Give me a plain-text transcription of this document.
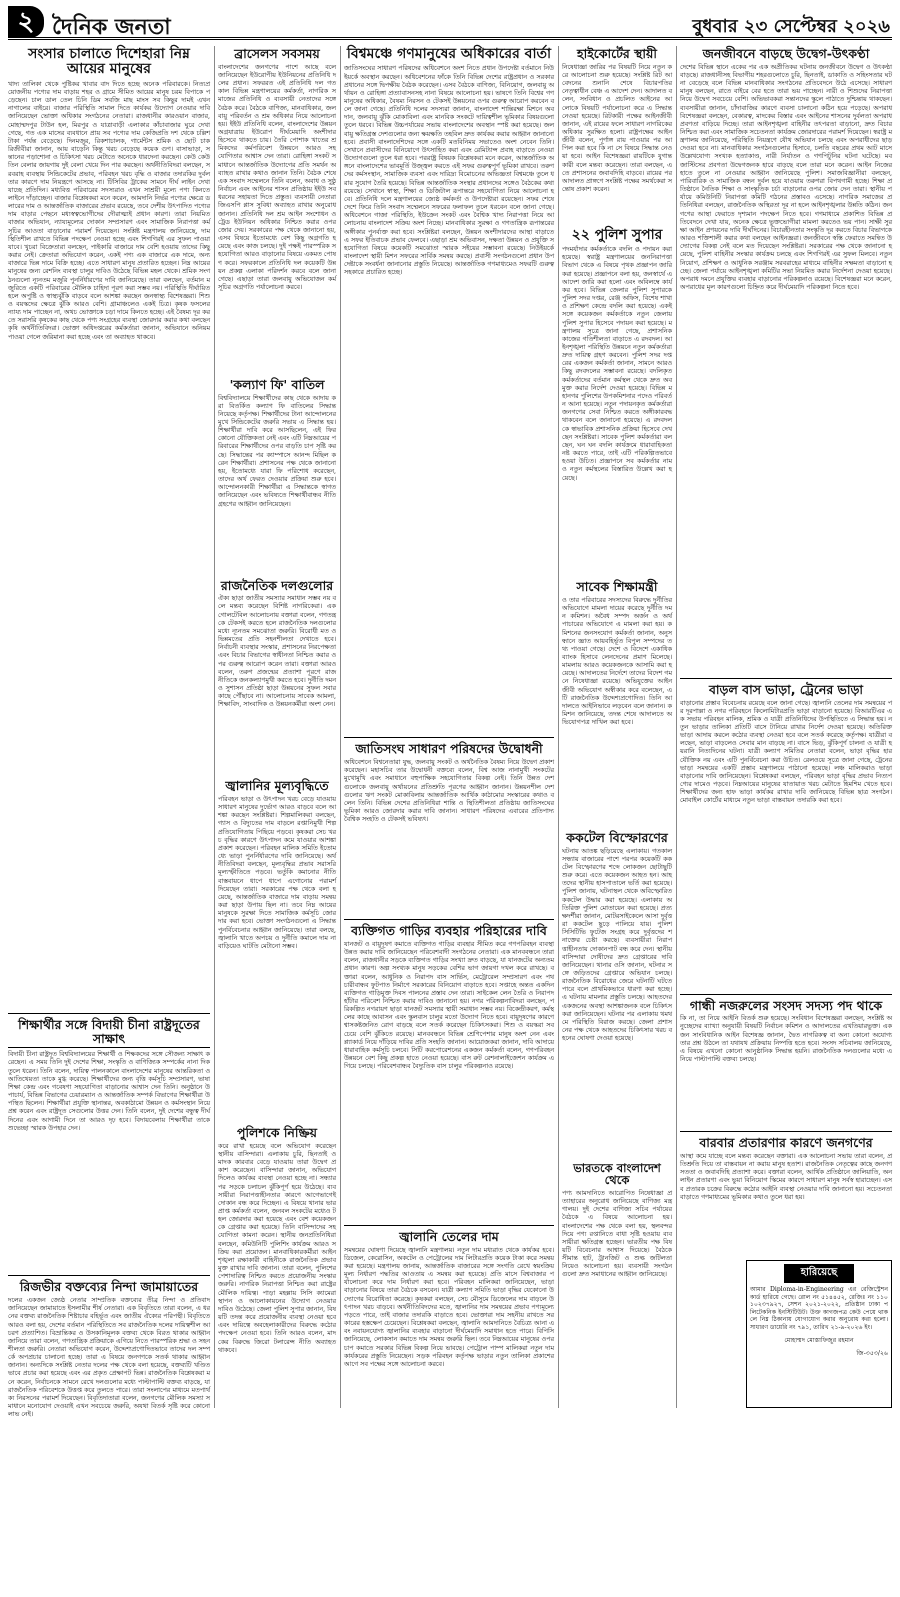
২ দৈনিক জনতা	বুধবার ২৩ সেপ্টেম্বর ২০২৬
সংসার চালাতে দিশেহারা নিম্ন আয়ের মানুষের
খাদ্য তালিকা থেকে পুষ্টিকর খাবার বাদ দিতে হচ্ছে অনেক পরিবারকে। নিত্যপ্রয়োজনীয় পণ্যের দাম বাড়ায় শহর ও গ্রামে সীমিত আয়ের মানুষ চরম বিপাকে পড়েছেন। চাল ডাল তেল চিনি ডিম সবজি মাছ মাংস সব কিছুর দামই এখন নাগালের বাইরে। বাজার পরিস্থিতি সামাল দিতে কার্যকর উদ্যোগ নেওয়ার দাবি জানিয়েছেন ভোক্তা অধিকার সংগঠনের নেতারা। রাজধানীর কারওয়ান বাজার, মোহাম্মদপুর টাউন হল, মিরপুর ও যাত্রাবাড়ী এলাকার কাঁচাবাজার ঘুরে দেখা গেছে, গত এক মাসের ব্যবধানে প্রায় সব পণ্যের দাম কেজিপ্রতি দশ থেকে চল্লিশ টাকা পর্যন্ত বেড়েছে। দিনমজুর, রিকশাচালক, গার্মেন্টস শ্রমিক ও ছোট চাকরিজীবীরা জানান, আয় বাড়েনি কিন্তু খরচ বেড়েছে কয়েক গুণ। বাসাভাড়া, সন্তানের পড়াশোনা ও চিকিৎসা খরচ মেটাতে অনেকে ধারদেনা করছেন। কেউ কেউ তিন বেলার জায়গায় দুই বেলা খেয়ে দিন পার করছেন। অর্থনীতিবিদরা বলছেন, সরবরাহ ব্যবস্থায় সিন্ডিকেটের প্রভাব, পরিবহন খরচ বৃদ্ধি ও বাজার তদারকির দুর্বলতার কারণে দাম নিয়ন্ত্রণে আসছে না। টিসিবির ট্রাকের সামনে দীর্ঘ লাইন দেখা যাচ্ছে প্রতিদিন। মধ্যবিত্ত পরিবারের সদস্যরাও এখন সাশ্রয়ী মূল্যে পণ্য কিনতে লাইনে দাঁড়াচ্ছেন। বাজার বিশ্লেষকরা মনে করেন, আমদানি নির্ভর পণ্যের ক্ষেত্রে ডলারের দাম ও আন্তর্জাতিক বাজারের প্রভাব রয়েছে, তবে দেশীয় উৎপাদিত পণ্যের দাম বাড়ার পেছনে মধ্যস্বত্বভোগীদের দৌরাত্ম্যই প্রধান কারণ। তারা নিয়মিত বাজার অভিযান, ন্যায্যমূল্যের দোকান সম্প্রসারণ এবং সামাজিক নিরাপত্তা কর্মসূচির আওতা বাড়ানোর পরামর্শ দিয়েছেন। সংশ্লিষ্ট মন্ত্রণালয় জানিয়েছে, দাম স্থিতিশীল রাখতে বিভিন্ন পদক্ষেপ নেওয়া হচ্ছে এবং শিগগিরই এর সুফল পাওয়া যাবে। খুচরা বিক্রেতারা বলছেন, পাইকারি বাজারে দাম বেশি হওয়ায় তাদের কিছু করার নেই। ক্রেতারা অভিযোগ করেন, একই পণ্য এক বাজারে এক দামে, অন্য বাজারে ভিন্ন দামে বিক্রি হচ্ছে। এতে সাধারণ মানুষ প্রতারিত হচ্ছেন। নিম্ন আয়ের মানুষের জন্য রেশনিং ব্যবস্থা চালুর দাবিও উঠেছে বিভিন্ন মহল থেকে। শ্রমিক সংগঠনগুলো ন্যূনতম মজুরি পুনর্নির্ধারণের দাবি জানিয়েছে। তারা বলছেন, বর্তমান মজুরিতে একটি পরিবারের মৌলিক চাহিদা পূরণ করা সম্ভব নয়। পরিস্থিতি দীর্ঘায়িত হলে অপুষ্টি ও স্বাস্থ্যঝুঁকি বাড়বে বলে আশঙ্কা করছেন জনস্বাস্থ্য বিশেষজ্ঞরা। শিশু ও বয়স্কদের ক্ষেত্রে ঝুঁকি আরও বেশি। গ্রামাঞ্চলেও একই চিত্র। কৃষক ফসলের ন্যায্য দাম পাচ্ছেন না, অথচ ভোক্তাকে চড়া দামে কিনতে হচ্ছে। এই বৈষম্য দূর করতে সরাসরি কৃষকের কাছ থেকে পণ্য সংগ্রহের ব্যবস্থা জোরদার করার কথা বলছেন কৃষি অর্থনীতিবিদরা। ভোক্তা অধিদপ্তরের কর্মকর্তারা জানান, অভিযানে অনিয়ম পাওয়া গেলে জরিমানা করা হচ্ছে এবং তা অব্যাহত থাকবে।
শিক্ষার্থীর সঙ্গে বিদায়ী চীনা রাষ্ট্রদূতের সাক্ষাৎ
বিদায়ী চীনা রাষ্ট্রদূত বিশ্ববিদ্যালয়ের শিক্ষার্থী ও শিক্ষকদের সঙ্গে সৌজন্য সাক্ষাৎ করেছেন। এ সময় তিনি দুই দেশের শিক্ষা, সংস্কৃতি ও বাণিজ্যিক সম্পর্কের নানা দিক তুলে ধরেন। তিনি বলেন, দায়িত্ব পালনকালে বাংলাদেশের মানুষের আন্তরিকতা ও আতিথেয়তা তাকে মুগ্ধ করেছে। শিক্ষার্থীদের জন্য বৃত্তি কর্মসূচি সম্প্রসারণ, ভাষা শিক্ষা কেন্দ্র এবং গবেষণা সহযোগিতা বাড়ানোর আশ্বাস দেন তিনি। অনুষ্ঠানে উপাচার্য, বিভিন্ন বিভাগের চেয়ারম্যান ও আন্তর্জাতিক সম্পর্ক বিভাগের শিক্ষার্থীরা উপস্থিত ছিলেন। শিক্ষার্থীরা প্রযুক্তি স্থানান্তর, অবকাঠামো উন্নয়ন ও কর্মসংস্থান নিয়ে প্রশ্ন করেন এবং রাষ্ট্রদূত সেগুলোর উত্তর দেন। তিনি বলেন, দুই দেশের বন্ধুত্ব দীর্ঘদিনের এবং আগামী দিনে তা আরও দৃঢ় হবে। বিদায়বেলায় শিক্ষার্থীরা তাকে শুভেচ্ছা স্মারক উপহার দেন।
রিজভীর বক্তব্যের নিন্দা জামায়াতের
দলের একজন জ্যেষ্ঠ নেতার সাম্প্রতিক বক্তব্যের তীব্র নিন্দা ও প্রতিবাদ জানিয়েছেন জামায়াতে ইসলামীর শীর্ষ নেতারা। এক বিবৃতিতে তারা বলেন, এ ধরনের বক্তব্য রাজনৈতিক শিষ্টাচার বহির্ভূত এবং জাতীয় ঐক্যের পরিপন্থী। বিবৃতিতে আরও বলা হয়, দেশের বর্তমান পরিস্থিতিতে সব রাজনৈতিক দলের দায়িত্বশীল আচরণ প্রত্যাশিত। বিভ্রান্তিকর ও উসকানিমূলক বক্তব্য থেকে বিরত থাকার আহ্বান জানিয়ে তারা বলেন, গণতান্ত্রিক প্রক্রিয়াকে এগিয়ে নিতে পারস্পরিক শ্রদ্ধা ও সহনশীলতা জরুরি। নেতারা অভিযোগ করেন, উদ্দেশ্যপ্রণোদিতভাবে তাদের দল সম্পর্কে অপপ্রচার চালানো হচ্ছে। তারা এ বিষয়ে জনগণকে সতর্ক থাকার আহ্বান জানান। অন্যদিকে সংশ্লিষ্ট নেতার দলের পক্ষ থেকে বলা হয়েছে, বক্তব্যটি খণ্ডিতভাবে প্রচার করা হয়েছে এবং এর প্রকৃত প্রেক্ষাপট ভিন্ন। রাজনৈতিক বিশ্লেষকরা মনে করেন, নির্বাচনকে সামনে রেখে দলগুলোর মধ্যে পাল্টাপাল্টি বক্তব্য বাড়ছে, যা রাজনৈতিক পরিবেশকে উত্তপ্ত করে তুলতে পারে। তারা সংলাপের মাধ্যমে মতপার্থক্য নিরসনের পরামর্শ দিয়েছেন। বিবৃতিদাতারা বলেন, জনগণের মৌলিক সমস্যা সমাধানে মনোযোগ দেওয়াই এখন সবচেয়ে জরুরি, অযথা বিতর্ক সৃষ্টি করে কোনো লাভ নেই।
ব্রাসেলস সবসময়
বাংলাদেশের জনগণের পাশে আছে বলে জানিয়েছেন ইউরোপীয় ইউনিয়নের প্রতিনিধি দলের প্রধান। সফররত এই প্রতিনিধি দল গতকাল বিভিন্ন মন্ত্রণালয়ের কর্মকর্তা, নাগরিক সমাজের প্রতিনিধি ও ব্যবসায়ী নেতাদের সঙ্গে বৈঠক করে। বৈঠকে বাণিজ্য, মানবাধিকার, জলবায়ু পরিবর্তন ও শ্রম অধিকার নিয়ে আলোচনা হয়। ইইউ প্রতিনিধি বলেন, বাংলাদেশের উন্নয়ন অগ্রযাত্রায় ইউরোপ দীর্ঘমেয়াদি অংশীদার হিসেবে থাকতে চায়। তৈরি পোশাক খাতের শ্রমিকদের কর্মপরিবেশ উন্নয়নে আরও সহযোগিতার আশ্বাস দেন তারা। রোহিঙ্গা সংকট সমাধানে আন্তর্জাতিক উদ্যোগের প্রতি সমর্থন অব্যাহত রাখার কথাও জানান তিনি। বৈঠক শেষে এক সংবাদ সম্মেলনে তিনি বলেন, অবাধ ও সুষ্ঠু নির্বাচন এবং আইনের শাসন প্রতিষ্ঠায় ইইউ সব ধরনের সহায়তা দিতে প্রস্তুত। ব্যবসায়ী নেতারা জিএসপি প্লাস সুবিধা অব্যাহত রাখার অনুরোধ জানান। প্রতিনিধি দল শ্রম আইন সংশোধন ও ট্রেড ইউনিয়ন অধিকার নিশ্চিত করার ওপর জোর দেয়। সরকারের পক্ষ থেকে জানানো হয়, এসব বিষয়ে ইতোমধ্যে বেশ কিছু অগ্রগতি হয়েছে এবং কাজ চলছে। দুই পক্ষই পারস্পরিক সহযোগিতা আরও বাড়ানোর বিষয়ে একমত পোষণ করে। সফরকালে প্রতিনিধি দল কয়েকটি উন্নয়ন প্রকল্প এলাকা পরিদর্শন করবে বলে জানা গেছে। এছাড়া তারা জলবায়ু অভিযোজন কর্মসূচির অগ্রগতি পর্যালোচনা করবে।
'কল্যাণ ফি' বাতিল
বিশ্ববিদ্যালয়ে শিক্ষার্থীদের কাছ থেকে আদায় করা বিতর্কিত কল্যাণ ফি বাতিলের সিদ্ধান্ত নিয়েছে কর্তৃপক্ষ। শিক্ষার্থীদের টানা আন্দোলনের মুখে সিন্ডিকেটের জরুরি সভায় এ সিদ্ধান্ত হয়। শিক্ষার্থীরা দাবি করে আসছিলেন, এই ফির কোনো যৌক্তিকতা নেই এবং এটি নিম্নআয়ের পরিবারের শিক্ষার্থীদের ওপর বাড়তি চাপ সৃষ্টি করছে। সিদ্ধান্তের পর ক্যাম্পাসে আনন্দ মিছিল করেন শিক্ষার্থীরা। প্রশাসনের পক্ষ থেকে জানানো হয়, ইতোমধ্যে যারা ফি পরিশোধ করেছেন, তাদের অর্থ ফেরত দেওয়ার প্রক্রিয়া শুরু হবে। আন্দোলনকারী শিক্ষার্থীরা এ সিদ্ধান্তকে স্বাগত জানিয়েছেন এবং ভবিষ্যতে শিক্ষার্থীবান্ধব নীতি গ্রহণের আহ্বান জানিয়েছেন।
রাজনৈতিক দলগুলোর
ঐক্য ছাড়া জাতীয় সমস্যার সমাধান সম্ভব নয় বলে মন্তব্য করেছেন বিশিষ্ট নাগরিকেরা। এক গোলটেবিল আলোচনায় বক্তারা বলেন, গণতন্ত্রকে টেকসই করতে হলে রাজনৈতিক দলগুলোর মধ্যে ন্যূনতম সমঝোতা জরুরি। বিরোধী মত ও ভিন্নমতের প্রতি সহনশীলতা দেখাতে হবে। নির্বাচনী ব্যবস্থার সংস্কার, প্রশাসনের নিরপেক্ষতা এবং বিচার বিভাগের স্বাধীনতা নিশ্চিত করার ওপর গুরুত্ব আরোপ করেন তারা। বক্তারা আরও বলেন, তরুণ প্রজন্মের প্রত্যাশা পূরণে রাজনীতিকে জনকল্যাণমুখী করতে হবে। দুর্নীতি দমন ও সুশাসন প্রতিষ্ঠা ছাড়া উন্নয়নের সুফল সবার কাছে পৌঁছাবে না। আলোচনায় সাবেক আমলা, শিক্ষাবিদ, সাংবাদিক ও উন্নয়নকর্মীরা অংশ নেন।
জ্বালানির মূল্যবৃদ্ধিতে
পরিবহন ভাড়া ও উৎপাদন খরচ বেড়ে যাওয়ায় সাধারণ মানুষের দুর্ভোগ আরও বাড়বে বলে আশঙ্কা করছেন সংশ্লিষ্টরা। শিল্পমালিকরা বলছেন, গ্যাস ও বিদ্যুতের দাম বাড়লে রপ্তানিমুখী শিল্প প্রতিযোগিতায় পিছিয়ে পড়বে। কৃষকরা সেচ খরচ বৃদ্ধির কারণে উৎপাদন কমে যাওয়ার আশঙ্কা প্রকাশ করেছেন। পরিবহন মালিক সমিতি ইতোমধ্যে ভাড়া পুনর্নির্ধারণের দাবি জানিয়েছে। অর্থনীতিবিদরা বলছেন, মূল্যবৃদ্ধির প্রভাব সরাসরি মূল্যস্ফীতিতে পড়বে। ভর্তুকি কমানোর নীতি বাস্তবায়নে ধাপে ধাপে এগোনোর পরামর্শ দিয়েছেন তারা। সরকারের পক্ষ থেকে বলা হয়েছে, আন্তর্জাতিক বাজারে দাম বাড়ায় সমন্বয় করা ছাড়া উপায় ছিল না। তবে নিম্ন আয়ের মানুষকে সুরক্ষা দিতে সামাজিক কর্মসূচি জোরদার করা হবে। ভোক্তা সংগঠনগুলো এ সিদ্ধান্ত পুনর্বিবেচনার আহ্বান জানিয়েছে। তারা বলছে, জ্বালানি খাতে অপচয় ও দুর্নীতি কমালে দাম না বাড়িয়েও ঘাটতি মেটানো সম্ভব।
পুলিশকে নিষ্ক্রিয়
করে রাখা হয়েছে বলে অভিযোগ করেছেন স্থানীয় বাসিন্দারা। এলাকায় চুরি, ছিনতাই ও মাদক কারবার বেড়ে যাওয়ায় তারা উদ্বেগ প্রকাশ করেছেন। বাসিন্দারা জানান, অভিযোগ দিলেও কার্যকর ব্যবস্থা নেওয়া হচ্ছে না। সন্ধ্যার পর সড়কে চলাচল ঝুঁকিপূর্ণ হয়ে উঠেছে। ব্যবসায়ীরা নিরাপত্তাহীনতার কারণে আগেভাগেই দোকান বন্ধ করে দিচ্ছেন। এ বিষয়ে থানার ভারপ্রাপ্ত কর্মকর্তা বলেন, জনবল সংকটের মধ্যেও টহল জোরদার করা হয়েছে এবং বেশ কয়েকজনকে গ্রেপ্তার করা হয়েছে। তিনি বাসিন্দাদের সহযোগিতা কামনা করেন। স্থানীয় জনপ্রতিনিধিরা বলছেন, কমিউনিটি পুলিশিং কার্যক্রম আরও সক্রিয় করা প্রয়োজন। মানবাধিকারকর্মীরা আইনশৃঙ্খলা রক্ষাকারী বাহিনীকে রাজনৈতিক প্রভাবমুক্ত রাখার দাবি জানান। তারা বলেন, পুলিশের পেশাদারিত্ব নিশ্চিত করতে প্রয়োজনীয় সংস্কার জরুরি। নাগরিক নিরাপত্তা নিশ্চিত করা রাষ্ট্রের মৌলিক দায়িত্ব। পাড়া মহল্লায় সিসি ক্যামেরা স্থাপন ও আলোকায়নের উদ্যোগ নেওয়ার দাবিও উঠেছে। জেলা পুলিশ সুপার জানান, বিষয়টি তদন্ত করে প্রয়োজনীয় ব্যবস্থা নেওয়া হবে এবং দায়িত্বে অবহেলাকারীদের বিরুদ্ধে কঠোর পদক্ষেপ নেওয়া হবে। তিনি আরও বলেন, মাদকের বিরুদ্ধে জিরো টলারেন্স নীতি অব্যাহত থাকবে।
বিশ্বমঞ্চে গণমানুষের অধিকারের বার্তা
জাতিসংঘের সাধারণ পরিষদের অধিবেশনে অংশ নিতে প্রধান উপদেষ্টা বর্তমানে নিউইয়র্কে অবস্থান করছেন। অধিবেশনের ফাঁকে তিনি বিভিন্ন দেশের রাষ্ট্রপ্রধান ও সরকারপ্রধানের সঙ্গে দ্বিপক্ষীয় বৈঠক করেছেন। এসব বৈঠকে বাণিজ্য, বিনিয়োগ, জলবায়ু অর্থায়ন ও রোহিঙ্গা প্রত্যাবাসনসহ নানা বিষয়ে আলোচনা হয়। ভাষণে তিনি বিশ্বের গণমানুষের অধিকার, বৈষম্য নিরসন ও টেকসই উন্নয়নের ওপর গুরুত্ব আরোপ করবেন বলে জানা গেছে। প্রতিনিধি দলের সদস্যরা জানান, বাংলাদেশ শান্তিরক্ষা মিশনে অবদান, জলবায়ু ঝুঁকি মোকাবিলা এবং মানবিক সংকটে দায়িত্বশীল ভূমিকার বিষয়গুলো তুলে ধরবে। বিভিন্ন উচ্চপর্যায়ের সভায় বাংলাদেশের অবস্থান স্পষ্ট করা হয়েছে। জলবায়ু ক্ষতিগ্রস্ত দেশগুলোর জন্য ক্ষয়ক্ষতি তহবিল দ্রুত কার্যকর করার আহ্বান জানানো হবে। প্রবাসী বাংলাদেশিদের সঙ্গে একটি মতবিনিময় সভাতেও অংশ নেবেন তিনি। সেখানে প্রবাসীদের বিনিয়োগে উৎসাহিত করা এবং রেমিট্যান্স প্রবাহ বাড়াতে নেওয়া উদ্যোগগুলো তুলে ধরা হবে। পররাষ্ট্র বিষয়ক বিশ্লেষকরা মনে করেন, আন্তর্জাতিক অঙ্গনে বাংলাদেশের ভাবমূর্তি উজ্জ্বল করতে এই সফর গুরুত্বপূর্ণ ভূমিকা রাখবে। তরুণদের কর্মসংস্থান, সামাজিক ব্যবসা এবং দারিদ্র্য বিমোচনের অভিজ্ঞতা বিশ্বমঞ্চে তুলে ধরার সুযোগ তৈরি হয়েছে। বিভিন্ন আন্তর্জাতিক সংস্থার প্রধানদের সঙ্গেও বৈঠকের কথা রয়েছে। সেখানে স্বাস্থ্য, শিক্ষা ও ডিজিটাল রূপান্তরে সহযোগিতা নিয়ে আলোচনা হবে। প্রতিনিধি দলে মন্ত্রণালয়ের জ্যেষ্ঠ কর্মকর্তা ও উপদেষ্টারা রয়েছেন। সফর শেষে দেশে ফিরে তিনি সংবাদ সম্মেলনে সফরের ফলাফল তুলে ধরবেন বলে জানা গেছে। অধিবেশনে গাজা পরিস্থিতি, ইউক্রেন সংকট এবং বৈশ্বিক খাদ্য নিরাপত্তা নিয়ে আলোচনায় বাংলাদেশ সক্রিয় অংশ নিচ্ছে। মানবাধিকার সুরক্ষা ও গণতান্ত্রিক রূপান্তরের অঙ্গীকার পুনর্ব্যক্ত করা হবে। সংশ্লিষ্টরা বলছেন, উন্নয়ন অংশীদারদের আস্থা বাড়াতে এ সফর ইতিবাচক প্রভাব ফেলবে। এছাড়া শ্রম অভিবাসন, দক্ষতা উন্নয়ন ও প্রযুক্তি সহযোগিতা বিষয়ে কয়েকটি সমঝোতা স্মারক সইয়ের সম্ভাবনা রয়েছে। নিউইয়র্কে বাংলাদেশ স্থায়ী মিশন সফরের সার্বিক সমন্বয় করছে। প্রবাসী সংগঠনগুলো প্রধান উপদেষ্টাকে সংবর্ধনা জানানোর প্রস্তুতি নিয়েছে। আন্তর্জাতিক গণমাধ্যমেও সফরটি গুরুত্ব সহকারে প্রচারিত হচ্ছে।
জাতিসংঘ সাধারণ পরিষদের উদ্বোধনী
অধিবেশনে বিশ্বনেতারা যুদ্ধ, জলবায়ু সংকট ও অর্থনৈতিক বৈষম্য নিয়ে উদ্বেগ প্রকাশ করেছেন। মহাসচিব তার উদ্বোধনী বক্তব্যে বলেন, বিশ্ব আজ নানামুখী সংকটের মুখোমুখি এবং সমাধানে বহুপাক্ষিক সহযোগিতার বিকল্প নেই। তিনি উন্নত দেশগুলোকে জলবায়ু অর্থায়নের প্রতিশ্রুতি পূরণের আহ্বান জানান। উন্নয়নশীল দেশগুলোর ঋণ সংকট মোকাবিলায় আন্তর্জাতিক আর্থিক কাঠামোর সংস্কারের কথাও বলেন তিনি। বিভিন্ন দেশের প্রতিনিধিরা শান্তি ও স্থিতিশীলতা প্রতিষ্ঠায় জাতিসংঘের ভূমিকা আরও জোরদার করার দাবি জানান। সাধারণ পরিষদের এবারের প্রতিপাদ্য বৈশ্বিক সংহতি ও টেকসই ভবিষ্যৎ।
ব্যক্তিগত গাড়ির ব্যবহার পরিহারের দাবি
যানজট ও বায়ুদূষণ কমাতে ব্যক্তিগত গাড়ির ব্যবহার সীমিত করে গণপরিবহন ব্যবস্থা উন্নত করার দাবি জানিয়েছেন পরিবেশবাদী সংগঠনের নেতারা। এক মানববন্ধনে তারা বলেন, রাজধানীর সড়কে ব্যক্তিগত গাড়ির সংখ্যা দ্রুত বাড়ছে, যা যানজটের অন্যতম প্রধান কারণ। অল্প সংখ্যক মানুষ সড়কের বেশির ভাগ জায়গা দখল করে রাখছে। বক্তারা বলেন, আধুনিক ও নিরাপদ বাস সার্ভিস, মেট্রোরেল সম্প্রসারণ এবং পথচারীবান্ধব ফুটপাত নির্মাণে সরকারের বিনিয়োগ বাড়াতে হবে। সপ্তাহে অন্তত একদিন ব্যক্তিগত গাড়িমুক্ত দিবস পালনের প্রস্তাব দেন তারা। সাইকেল লেন তৈরি ও নিরাপদ হাঁটার পরিবেশ নিশ্চিত করার দাবিও জানানো হয়। নগর পরিকল্পনাবিদরা বলছেন, পরিকল্পিত নগরায়ণ ছাড়া যানজট সমস্যার স্থায়ী সমাধান সম্ভব নয়। বিকেন্দ্রীকরণ, কর্মস্থলের কাছে আবাসন এবং স্কুলবাস চালুর মতো উদ্যোগ নিতে হবে। বায়ুদূষণের কারণে শ্বাসকষ্টজনিত রোগ বাড়ছে বলে সতর্ক করেছেন চিকিৎসকরা। শিশু ও বয়স্করা সবচেয়ে বেশি ঝুঁকিতে রয়েছে। মানববন্ধনে বিভিন্ন শ্রেণিপেশার মানুষ অংশ নেন এবং প্ল্যাকার্ড নিয়ে দাঁড়িয়ে দাবির প্রতি সংহতি জানান। আয়োজকরা জানান, দাবি আদায়ে ধারাবাহিক কর্মসূচি চলবে। সিটি করপোরেশনের একজন কর্মকর্তা বলেন, গণপরিবহন উন্নয়নে বেশ কিছু প্রকল্প হাতে নেওয়া হয়েছে। বাস রুট রেশনালাইজেশন কার্যক্রম এগিয়ে চলছে। পরিবেশবান্ধব বৈদ্যুতিক বাস চালুর পরিকল্পনাও রয়েছে।
জ্বালানি তেলের দাম
সমন্বয়ের ঘোষণা দিয়েছে জ্বালানি মন্ত্রণালয়। নতুন দাম মধ্যরাত থেকে কার্যকর হবে। ডিজেল, কেরোসিন, অকটেন ও পেট্রোলের দাম লিটারপ্রতি কয়েক টাকা করে সমন্বয় করা হয়েছে। মন্ত্রণালয় জানায়, আন্তর্জাতিক বাজারের সঙ্গে সংগতি রেখে স্বয়ংক্রিয় মূল্য নির্ধারণ পদ্ধতির আওতায় এ সমন্বয় করা হয়েছে। প্রতি মাসে বিশ্ববাজার পর্যালোচনা করে দাম নির্ধারণ করা হবে। পরিবহন মালিকরা জানিয়েছেন, ভাড়া বাড়ানোর বিষয়ে তারা বৈঠকে বসবেন। যাত্রী কল্যাণ সমিতি ভাড়া বৃদ্ধির যেকোনো উদ্যোগের বিরোধিতা করেছে। কৃষকরা বলছেন, সেচ মৌসুমে ডিজেলের দাম বাড়লে উৎপাদন খরচ বাড়বে। অর্থনীতিবিদদের মতে, জ্বালানির দাম সমন্বয়ের প্রভাব পণ্যমূল্যে পড়তে পারে, তাই বাজার তদারকি বাড়াতে হবে। ভোক্তারা দাম সহনীয় রাখতে সরকারের হস্তক্ষেপ চেয়েছেন। বিশ্লেষকরা বলছেন, জ্বালানি আমদানিতে বৈচিত্র্য আনা এবং নবায়নযোগ্য জ্বালানির ব্যবহার বাড়ানো দীর্ঘমেয়াদি সমাধান হতে পারে। বিপিসি জানিয়েছে, লোকসান কমাতে দাম সমন্বয় জরুরি ছিল। তবে নিম্নআয়ের মানুষের ওপর চাপ কমাতে সরকার বিভিন্ন বিকল্প নিয়ে ভাবছে। পেট্রোল পাম্প মালিকরা নতুন দাম কার্যকরের প্রস্তুতি নিয়েছেন। সড়ক পরিবহন কর্তৃপক্ষ ভাড়ার নতুন তালিকা প্রকাশের আগে সব পক্ষের সঙ্গে আলোচনা করবে।
হাইকোর্টের স্থায়ী
নিষেধাজ্ঞা জারির পর বিষয়টি নিয়ে নতুন করে আলোচনা শুরু হয়েছে। সংশ্লিষ্ট রিট আবেদনের শুনানি শেষে বিচারপতির নেতৃত্বাধীন বেঞ্চ এ আদেশ দেন। আদালত বলেন, সংবিধান ও প্রচলিত আইনের আলোকে বিষয়টি পর্যালোচনা করে এ সিদ্ধান্ত নেওয়া হয়েছে। রিটকারী পক্ষের আইনজীবী জানান, এই রায়ের ফলে সাধারণ নাগরিকের অধিকার সুরক্ষিত হলো। রাষ্ট্রপক্ষের আইনজীবী বলেন, পূর্ণাঙ্গ রায় পাওয়ার পর আপিল করা হবে কি না সে বিষয়ে সিদ্ধান্ত নেওয়া হবে। আইন বিশেষজ্ঞরা রায়টিকে যুগান্তকারী বলে মন্তব্য করেছেন। তারা বলছেন, এতে প্রশাসনের জবাবদিহি বাড়বে। রায়ের পর আদালত প্রাঙ্গণে সংশ্লিষ্ট পক্ষের সমর্থকেরা সন্তোষ প্রকাশ করেন।
২২ পুলিশ সুপার
পদমর্যাদার কর্মকর্তাকে বদলি ও পদায়ন করা হয়েছে। স্বরাষ্ট্র মন্ত্রণালয়ের জননিরাপত্তা বিভাগ থেকে এ বিষয়ে পৃথক প্রজ্ঞাপন জারি করা হয়েছে। প্রজ্ঞাপনে বলা হয়, জনস্বার্থে এ আদেশ জারি করা হলো এবং অবিলম্বে কার্যকর হবে। বিভিন্ন জেলার পুলিশ সুপারকে পুলিশ সদর দপ্তর, রেঞ্জ অফিস, বিশেষ শাখা ও প্রশিক্ষণ কেন্দ্রে বদলি করা হয়েছে। একই সঙ্গে কয়েকজন কর্মকর্তাকে নতুন জেলায় পুলিশ সুপার হিসেবে পদায়ন করা হয়েছে। মন্ত্রণালয় সূত্রে জানা গেছে, প্রশাসনিক কাজের গতিশীলতা বাড়াতে এ রদবদল। আইনশৃঙ্খলা পরিস্থিতি উন্নয়নে নতুন কর্মকর্তারা দ্রুত দায়িত্ব গ্রহণ করবেন। পুলিশ সদর দপ্তরের একজন কর্মকর্তা জানান, সামনে আরও কিছু রদবদলের সম্ভাবনা রয়েছে। বদলিকৃত কর্মকর্তাদের বর্তমান কর্মস্থল থেকে দ্রুত অবমুক্ত করার নির্দেশ দেওয়া হয়েছে। বিভিন্ন মহানগর পুলিশের উপকমিশনার পদেও পরিবর্তন আনা হয়েছে। নতুন পদায়নকৃত কর্মকর্তারা জনগণের সেবা নিশ্চিত করতে অঙ্গীকারবদ্ধ থাকবেন বলে জানানো হয়েছে। এ রদবদলকে স্বাভাবিক প্রশাসনিক প্রক্রিয়া হিসেবে দেখছেন সংশ্লিষ্টরা। সাবেক পুলিশ কর্মকর্তারা বলছেন, ঘন ঘন বদলি কার্যক্রমে ধারাবাহিকতা নষ্ট করতে পারে, তাই এটি পরিকল্পিতভাবে হওয়া উচিত। প্রজ্ঞাপনে সব কর্মকর্তার নাম ও নতুন কর্মস্থলের বিস্তারিত উল্লেখ করা হয়েছে।
সাবেক শিক্ষামন্ত্রী
ও তার পরিবারের সদস্যদের বিরুদ্ধে দুর্নীতির অভিযোগে মামলা দায়ের করেছে দুর্নীতি দমন কমিশন। অবৈধ সম্পদ অর্জন ও অর্থ পাচারের অভিযোগে এ মামলা করা হয়। কমিশনের জনসংযোগ কর্মকর্তা জানান, অনুসন্ধানে জ্ঞাত আয়বহির্ভূত বিপুল সম্পদের তথ্য পাওয়া গেছে। দেশে ও বিদেশে একাধিক ব্যাংক হিসাবে লেনদেনের প্রমাণ মিলেছে। মামলায় আরও কয়েকজনকে আসামি করা হয়েছে। আদালতের নির্দেশে তাদের বিদেশ গমনে নিষেধাজ্ঞা রয়েছে। অভিযুক্তের আইনজীবী অভিযোগ অস্বীকার করে বলেছেন, এটি রাজনৈতিক উদ্দেশ্যপ্রণোদিত। তিনি আদালতে আইনিভাবে লড়বেন বলে জানান। কমিশন জানিয়েছে, তদন্ত শেষে আদালতে অভিযোগপত্র দাখিল করা হবে।
ককটেল বিস্ফোরণের
ঘটনায় আতঙ্ক ছড়িয়েছে এলাকায়। গতকাল সন্ধ্যায় বাজারের পাশে পরপর কয়েকটি ককটেল বিস্ফোরণের শব্দে লোকজন ছোটাছুটি শুরু করে। এতে কয়েকজন আহত হন। আহতদের স্থানীয় হাসপাতালে ভর্তি করা হয়েছে। পুলিশ জানায়, ঘটনাস্থল থেকে অবিস্ফোরিত ককটেল উদ্ধার করা হয়েছে। এলাকায় অতিরিক্ত পুলিশ মোতায়েন করা হয়েছে। প্রত্যক্ষদর্শীরা জানান, মোটরসাইকেলে আসা দুর্বৃত্তরা ককটেল ছুড়ে পালিয়ে যায়। পুলিশ সিসিটিভি ফুটেজ সংগ্রহ করে দুর্বৃত্তদের শনাক্তের চেষ্টা করছে। ব্যবসায়ীরা নিরাপত্তাহীনতায় দোকানপাট বন্ধ করে দেন। স্থানীয় বাসিন্দারা দোষীদের দ্রুত গ্রেপ্তারের দাবি জানিয়েছেন। থানার ওসি জানান, ঘটনার সঙ্গে জড়িতদের গ্রেপ্তারে অভিযান চলছে। রাজনৈতিক বিরোধের জেরে ঘটনাটি ঘটতে পারে বলে প্রাথমিকভাবে ধারণা করা হচ্ছে। এ ঘটনায় মামলার প্রস্তুতি চলছে। আহতদের একজনের অবস্থা আশঙ্কাজনক বলে চিকিৎসকরা জানিয়েছেন। ঘটনার পর এলাকায় থমথমে পরিস্থিতি বিরাজ করছে। জেলা প্রশাসনের পক্ষ থেকে আহতদের চিকিৎসার খরচ বহনের ঘোষণা দেওয়া হয়েছে।
ভারতকে বাংলাদেশ থেকে
পণ্য আমদানিতে আরোপিত নিষেধাজ্ঞা প্রত্যাহারের অনুরোধ জানিয়েছে বাণিজ্য মন্ত্রণালয়। দুই দেশের বাণিজ্য সচিব পর্যায়ের বৈঠকে এ বিষয়ে আলোচনা হয়। বাংলাদেশের পক্ষ থেকে বলা হয়, স্থলবন্দর দিয়ে পণ্য রপ্তানিতে বাধা সৃষ্টি হওয়ায় ব্যবসায়ীরা ক্ষতিগ্রস্ত হচ্ছেন। ভারতীয় পক্ষ বিষয়টি বিবেচনার আশ্বাস দিয়েছে। বৈঠকে সীমান্ত হাট, ট্রানজিট ও শুল্ক জটিলতা নিয়েও আলোচনা হয়। ব্যবসায়ী সংগঠনগুলো দ্রুত সমাধানের আহ্বান জানিয়েছে।
জনজীবনে বাড়ছে উদ্বেগ-উৎকণ্ঠা
দেশের বিভিন্ন স্থানে একের পর এক অপ্রীতিকর ঘটনায় জনজীবনে উদ্বেগ ও উৎকণ্ঠা বাড়ছে। রাজধানীসহ বিভাগীয় শহরগুলোতে চুরি, ছিনতাই, ডাকাতি ও সহিংসতার ঘটনা বেড়েছে বলে বিভিন্ন মানবাধিকার সংগঠনের প্রতিবেদনে উঠে এসেছে। সাধারণ মানুষ বলছেন, রাতে বাইরে বের হতে তারা ভয় পাচ্ছেন। নারী ও শিশুদের নিরাপত্তা নিয়ে উদ্বেগ সবচেয়ে বেশি। অভিভাবকরা সন্তানদের স্কুলে পাঠাতে দুশ্চিন্তায় থাকছেন। ব্যবসায়ীরা জানান, চাঁদাবাজির কারণে ব্যবসা চালানো কঠিন হয়ে পড়েছে। অপরাধ বিশেষজ্ঞরা বলছেন, বেকারত্ব, মাদকের বিস্তার এবং আইনের শাসনের দুর্বলতা অপরাধ প্রবণতা বাড়িয়ে দিচ্ছে। তারা আইনশৃঙ্খলা বাহিনীর তৎপরতা বাড়ানো, দ্রুত বিচার নিশ্চিত করা এবং সামাজিক সচেতনতা কার্যক্রম জোরদারের পরামর্শ দিয়েছেন। স্বরাষ্ট্র মন্ত্রণালয় জানিয়েছে, পরিস্থিতি নিয়ন্ত্রণে যৌথ অভিযান চলছে এবং অপরাধীদের ছাড় দেওয়া হবে না। মানবাধিকার সংগঠনগুলোর হিসাবে, চলতি বছরের প্রথম আট মাসে উল্লেখযোগ্য সংখ্যক হত্যাকাণ্ড, নারী নির্যাতন ও গণপিটুনির ঘটনা ঘটেছে। মব জাস্টিসের প্রবণতা উদ্বেগজনক হারে বাড়ছে বলে তারা মনে করেন। আইন নিজের হাতে তুলে না নেওয়ার আহ্বান জানিয়েছে পুলিশ। সমাজবিজ্ঞানীরা বলছেন, পারিবারিক ও সামাজিক বন্ধন দুর্বল হয়ে যাওয়ায় তরুণরা বিপথগামী হচ্ছে। শিক্ষা প্রতিষ্ঠানে নৈতিক শিক্ষা ও সাংস্কৃতিক চর্চা বাড়ানোর ওপর জোর দেন তারা। স্থানীয় পর্যায়ে কমিউনিটি নিরাপত্তা কমিটি গঠনের প্রস্তাবও এসেছে। নাগরিক সমাজের প্রতিনিধিরা বলছেন, রাজনৈতিক অস্থিরতা দূর না হলে আইনশৃঙ্খলার উন্নতি কঠিন। জনগণের আস্থা ফেরাতে দৃশ্যমান পদক্ষেপ নিতে হবে। গণমাধ্যমে প্রকাশিত বিভিন্ন প্রতিবেদনে দেখা যায়, অনেক ক্ষেত্রে ভুক্তভোগীরা মামলা করতেও ভয় পান। সাক্ষী সুরক্ষা আইন প্রণয়নের দাবি দীর্ঘদিনের। বিচারহীনতার সংস্কৃতি দূর করতে বিচার বিভাগকে আরও শক্তিশালী করার কথা বলছেন আইনজ্ঞরা। জনজীবনে স্বস্তি ফেরাতে সমন্বিত উদ্যোগের বিকল্প নেই বলে মত দিয়েছেন সংশ্লিষ্টরা। সরকারের পক্ষ থেকে জানানো হয়েছে, পুলিশ বাহিনীর সংস্কার কার্যক্রম চলছে এবং শিগগিরই এর সুফল মিলবে। নতুন নিয়োগ, প্রশিক্ষণ ও আধুনিক সরঞ্জাম সরবরাহের মাধ্যমে বাহিনীর সক্ষমতা বাড়ানো হচ্ছে। জেলা পর্যায়ে আইনশৃঙ্খলা কমিটির সভা নিয়মিত করার নির্দেশনা দেওয়া হয়েছে। অপরাধ দমনে প্রযুক্তির ব্যবহার বাড়ানোর পরিকল্পনাও রয়েছে। বিশেষজ্ঞরা মনে করেন, অপরাধের মূল কারণগুলো চিহ্নিত করে দীর্ঘমেয়াদি পরিকল্পনা নিতে হবে।
বাড়ল বাস ভাড়া, ট্রেনের ভাড়া
বাড়ানোর প্রস্তাব বিবেচনায় রয়েছে বলে জানা গেছে। জ্বালানি তেলের দাম সমন্বয়ের পর দূরপাল্লা ও নগর পরিবহনে কিলোমিটারপ্রতি ভাড়া বাড়ানো হয়েছে। বিআরটিএর এক সভায় পরিবহন মালিক, শ্রমিক ও যাত্রী প্রতিনিধিদের উপস্থিতিতে এ সিদ্ধান্ত হয়। নতুন ভাড়ার তালিকা প্রতিটি বাসে টানিয়ে রাখার নির্দেশ দেওয়া হয়েছে। অতিরিক্ত ভাড়া আদায় করলে কঠোর ব্যবস্থা নেওয়া হবে বলে সতর্ক করেছে কর্তৃপক্ষ। যাত্রীরা বলছেন, ভাড়া বাড়লেও সেবার মান বাড়ছে না। বাসে ভিড়, ঝুঁকিপূর্ণ চালনা ও যাত্রী হয়রানি নিত্যদিনের ঘটনা। যাত্রী কল্যাণ সমিতির নেতারা বলেন, ভাড়া বৃদ্ধির হার যৌক্তিক নয় এবং এটি পুনর্বিবেচনা করা উচিত। রেলওয়ে সূত্রে জানা গেছে, ট্রেনের ভাড়া সমন্বয়ের একটি প্রস্তাব মন্ত্রণালয়ে পাঠানো হয়েছে। লঞ্চ মালিকরাও ভাড়া বাড়ানোর দাবি জানিয়েছেন। বিশ্লেষকরা বলছেন, পরিবহন ভাড়া বৃদ্ধির প্রভাব নিত্যপণ্যের দামেও পড়বে। নিম্নআয়ের মানুষের যাতায়াত খরচ মেটাতে হিমশিম খেতে হবে। শিক্ষার্থীদের জন্য হাফ ভাড়া কার্যকর রাখার দাবি জানিয়েছে বিভিন্ন ছাত্র সংগঠন। মোবাইল কোর্টের মাধ্যমে নতুন ভাড়া বাস্তবায়ন তদারকি করা হবে।
গান্ধী নজরুলের সংসদ সদস্য পদ থাকে
কি না, তা নিয়ে আইনি বিতর্ক শুরু হয়েছে। সংবিধান বিশেষজ্ঞরা বলছেন, সংশ্লিষ্ট অনুচ্ছেদের ব্যাখ্যা অনুযায়ী বিষয়টি নির্বাচন কমিশন ও আদালতের এখতিয়ারভুক্ত। একজন সাংবিধানিক আইন বিশেষজ্ঞ জানান, দ্বৈত নাগরিকত্ব বা অন্য কোনো অযোগ্যতার প্রশ্ন উঠলে তা যথাযথ প্রক্রিয়ায় নিষ্পত্তি হতে হবে। সংসদ সচিবালয় জানিয়েছে, এ বিষয়ে এখনো কোনো আনুষ্ঠানিক সিদ্ধান্ত হয়নি। রাজনৈতিক দলগুলোর মধ্যে এ নিয়ে পাল্টাপাল্টি বক্তব্য চলছে।
বারবার প্রতারণার কারণে জনগণের
আস্থা কমে যাচ্ছে বলে মন্তব্য করেছেন বক্তারা। এক আলোচনা সভায় তারা বলেন, প্রতিশ্রুতি দিয়ে তা বাস্তবায়ন না করায় মানুষ হতাশ। রাজনৈতিক নেতৃত্বের কাছে জনগণ সততা ও জবাবদিহি প্রত্যাশা করে। বক্তারা বলেন, আর্থিক প্রতিষ্ঠানে জালিয়াতি, অনলাইন প্রতারণা এবং ভুয়া বিনিয়োগ স্কিমের কারণে সাধারণ মানুষ সর্বস্ব হারাচ্ছেন। এসব প্রতারক চক্রের বিরুদ্ধে কঠোর আইনি ব্যবস্থা নেওয়ার দাবি জানানো হয়। সচেতনতা বাড়াতে গণমাধ্যমের ভূমিকার কথাও তুলে ধরা হয়।
হারিয়েছে
আমার Diploma-in-Engineering এর রেজিস্ট্রেশন কার্ড হারিয়ে গেছে। রোল নং ৫১৪৪৫২, রেজিঃ নং ১১০১০২৩৭৯২৭, সেশন ২০২১-২০২২, প্রতিষ্ঠান ঢাকা পলিটেকনিক ইনস্টিটিউট। উক্ত কাগজপত্র কেউ পেয়ে থাকলে নিম্ন ঠিকানায় যোগাযোগ করার অনুরোধ করা হলো। সাধারণ ডায়েরি নং ৭৯১, তারিখ ২১-৯-২০২৬ ইং।
মোহাম্মদ মোস্তাফিজুর রহমান
জি-৩৫৩/২৬
